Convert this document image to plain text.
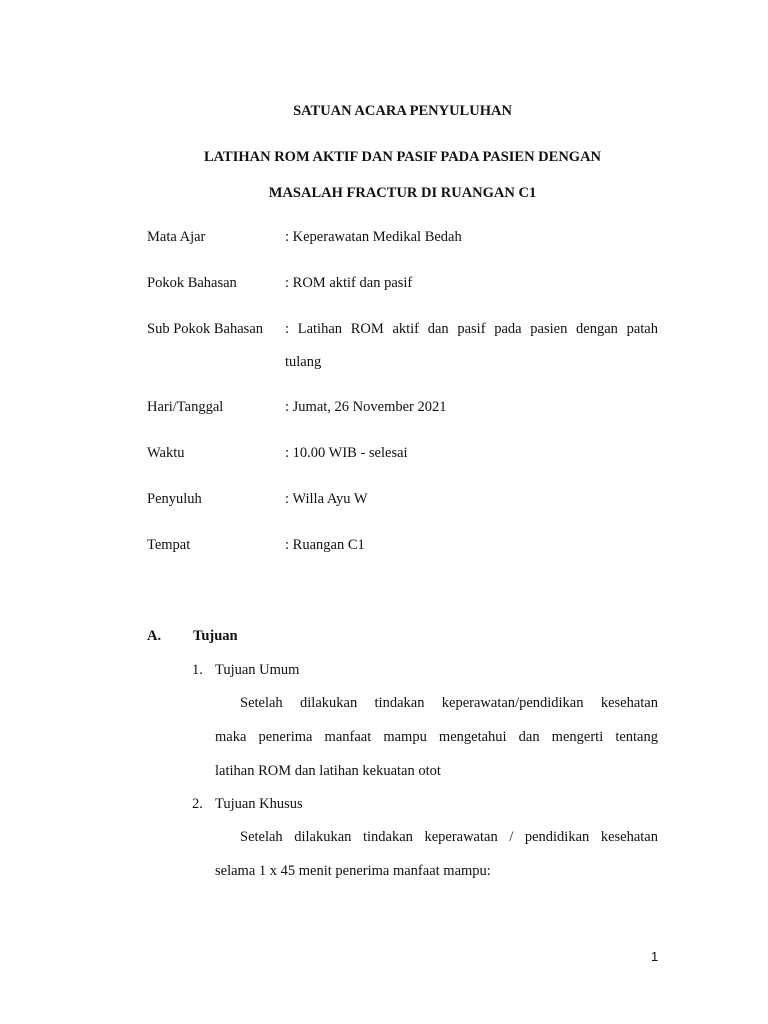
SATUAN ACARA PENYULUHAN
LATIHAN ROM AKTIF DAN PASIF PADA PASIEN DENGAN
MASALAH FRACTUR DI RUANGAN C1
Mata Ajar	: Keperawatan Medikal Bedah
Pokok Bahasan	: ROM aktif dan pasif
Sub Pokok Bahasan : Latihan ROM aktif dan pasif pada pasien dengan patah
tulang
Hari/Tanggal	: Jumat, 26 November 2021
Waktu	: 10.00 WIB - selesai
Penyuluh	: Willa Ayu W
Tempat	: Ruangan C1
A. Tujuan
1. Tujuan Umum
Setelah dilakukan tindakan keperawatan/pendidikan kesehatan
maka penerima manfaat mampu mengetahui dan mengerti tentang
latihan ROM dan latihan kekuatan otot
2. Tujuan Khusus
Setelah dilakukan tindakan keperawatan / pendidikan kesehatan
selama 1 x 45 menit penerima manfaat mampu:
1
